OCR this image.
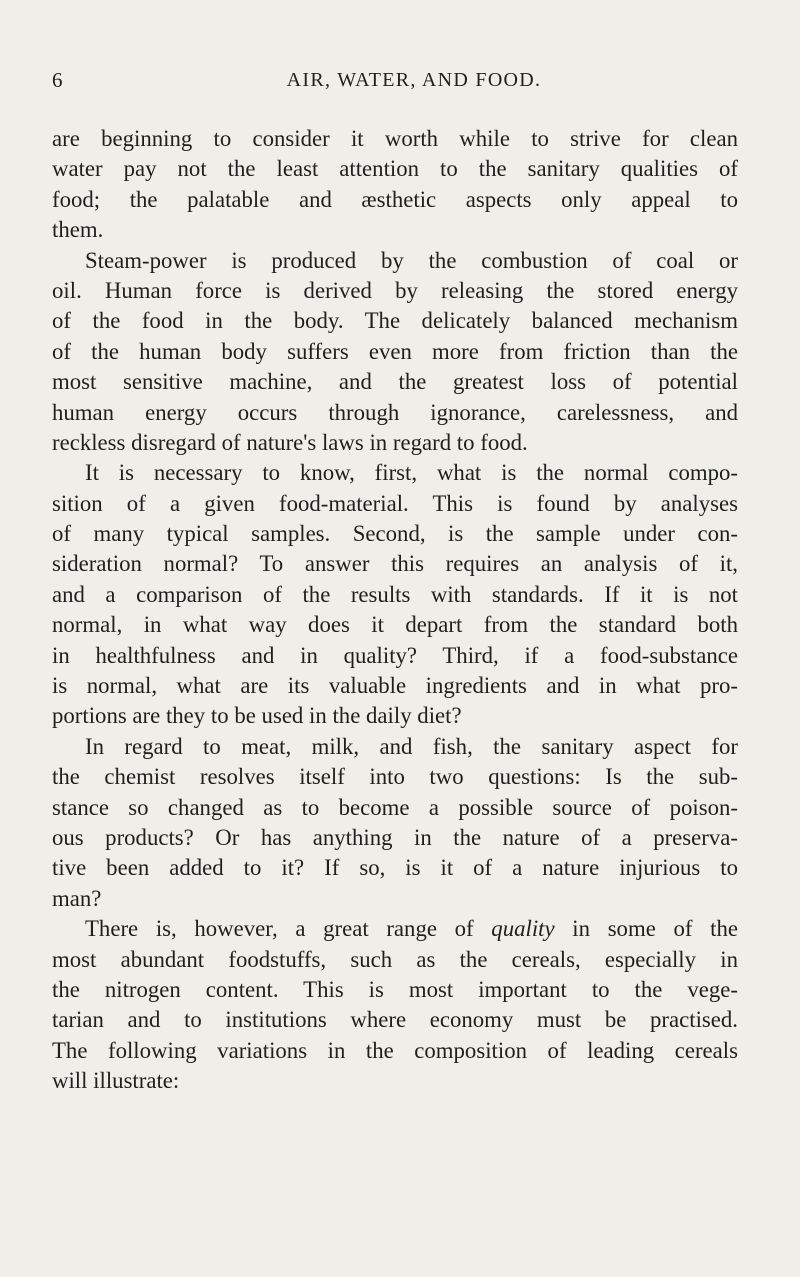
6	AIR, WATER, AND FOOD.
are beginning to consider it worth while to strive for clean
water pay not the least attention to the sanitary qualities of
food; the palatable and æsthetic aspects only appeal to
them.
Steam-power is produced by the combustion of coal or
oil. Human force is derived by releasing the stored energy
of the food in the body. The delicately balanced mechanism
of the human body suffers even more from friction than the
most sensitive machine, and the greatest loss of potential
human energy occurs through ignorance, carelessness, and
reckless disregard of nature's laws in regard to food.
It is necessary to know, first, what is the normal compo-
sition of a given food-material. This is found by analyses
of many typical samples. Second, is the sample under con-
sideration normal? To answer this requires an analysis of it,
and a comparison of the results with standards. If it is not
normal, in what way does it depart from the standard both
in healthfulness and in quality? Third, if a food-substance
is normal, what are its valuable ingredients and in what pro-
portions are they to be used in the daily diet?
In regard to meat, milk, and fish, the sanitary aspect for
the chemist resolves itself into two questions: Is the sub-
stance so changed as to become a possible source of poison-
ous products? Or has anything in the nature of a preserva-
tive been added to it? If so, is it of a nature injurious to
man?
There is, however, a great range of quality in some of the
most abundant foodstuffs, such as the cereals, especially in
the nitrogen content. This is most important to the vege-
tarian and to institutions where economy must be practised.
The following variations in the composition of leading cereals
will illustrate:
